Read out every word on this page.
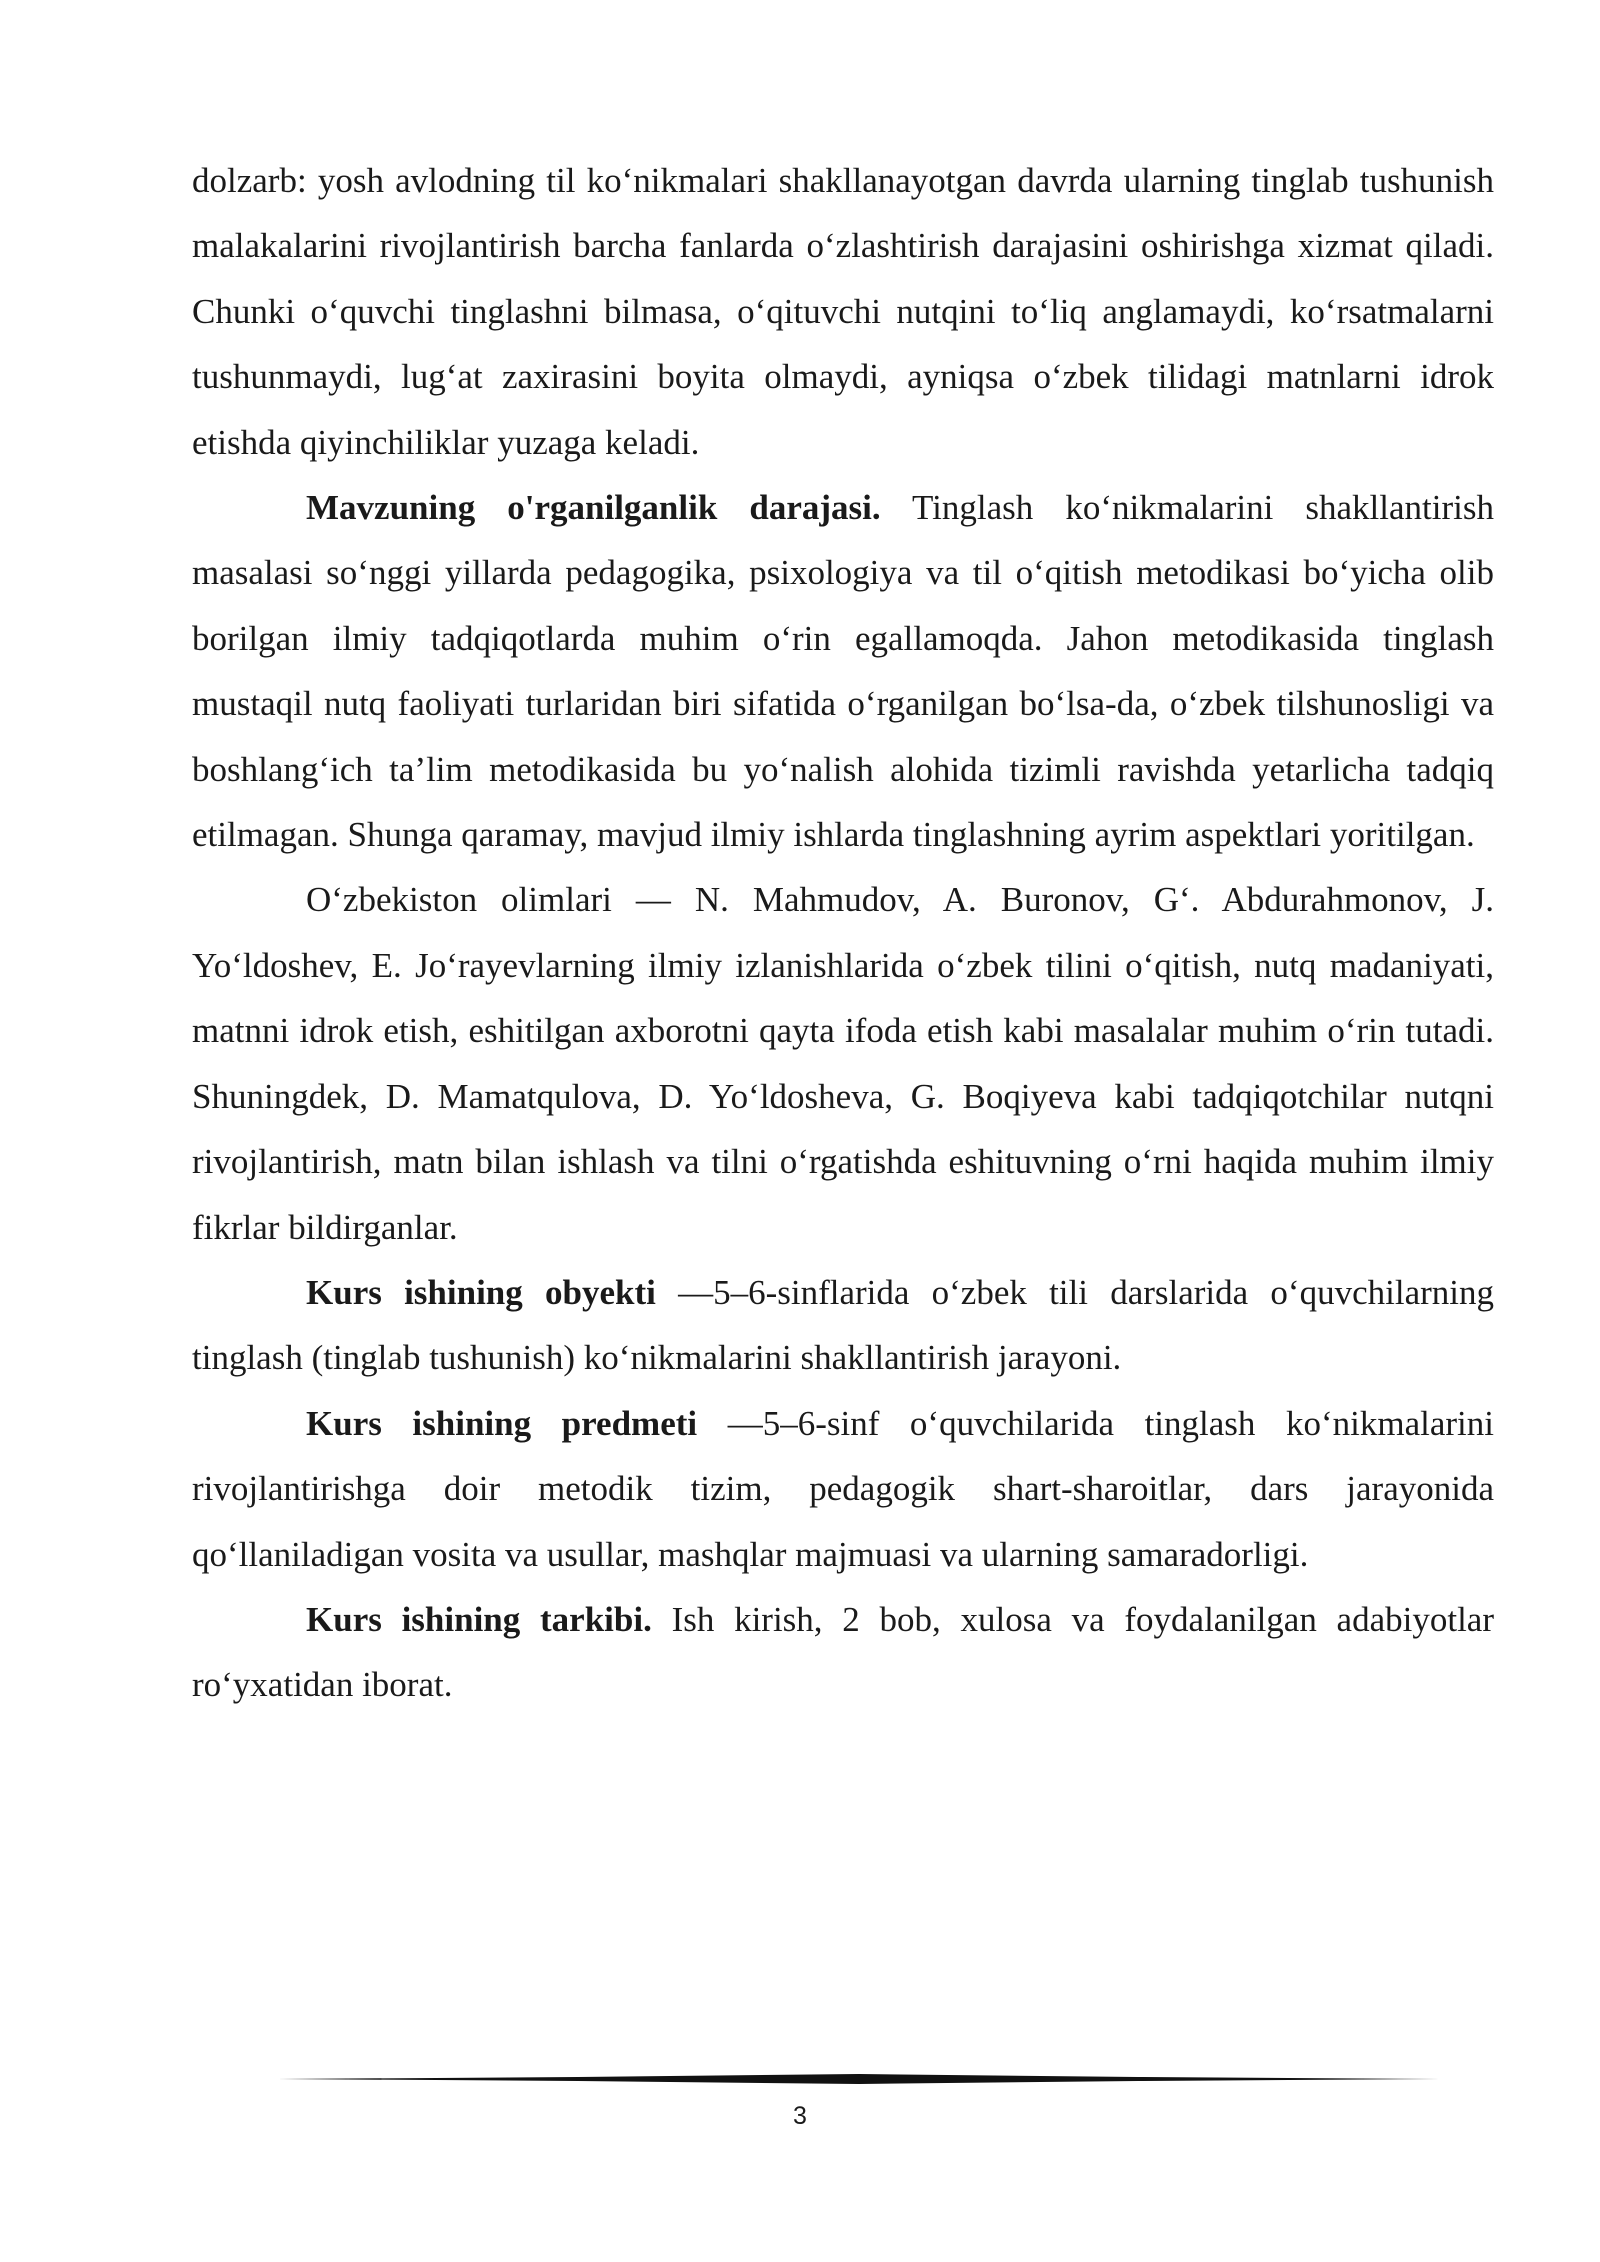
dolzarb: yosh avlodning til ko‘nikmalari shakllanayotgan davrda ularning tinglab tushunish malakalarini rivojlantirish barcha fanlarda o‘zlashtirish darajasini oshirishga xizmat qiladi. Chunki o‘quvchi tinglashni bilmasa, o‘qituvchi nutqini to‘liq anglamaydi, ko‘rsatmalarni tushunmaydi, lug‘at zaxirasini boyita olmaydi, ayniqsa o‘zbek tilidagi matnlarni idrok etishda qiyinchiliklar yuzaga keladi.

Mavzuning o'rganilganlik darajasi. Tinglash ko‘nikmalarini shakllantirish masalasi so‘nggi yillarda pedagogika, psixologiya va til o‘qitish metodikasi bo‘yicha olib borilgan ilmiy tadqiqotlarda muhim o‘rin egallamoqda. Jahon metodikasida tinglash mustaqil nutq faoliyati turlaridan biri sifatida o‘rganilgan bo‘lsa-da, o‘zbek tilshunosligi va boshlang‘ich ta’lim metodikasida bu yo‘nalish alohida tizimli ravishda yetarlicha tadqiq etilmagan. Shunga qaramay, mavjud ilmiy ishlarda tinglashning ayrim aspektlari yoritilgan.

O‘zbekiston olimlari — N. Mahmudov, A. Buronov, G‘. Abdurahmonov, J. Yo‘ldoshev, E. Jo‘rayevlarning ilmiy izlanishlarida o‘zbek tilini o‘qitish, nutq madaniyati, matnni idrok etish, eshitilgan axborotni qayta ifoda etish kabi masalalar muhim o‘rin tutadi. Shuningdek, D. Mamatqulova, D. Yo‘ldosheva, G. Boqiyeva kabi tadqiqotchilar nutqni rivojlantirish, matn bilan ishlash va tilni o‘rgatishda eshituvning o‘rni haqida muhim ilmiy fikrlar bildirganlar.

Kurs ishining obyekti —5–6-sinflarida o‘zbek tili darslarida o‘quvchilarning tinglash (tinglab tushunish) ko‘nikmalarini shakllantirish jarayoni.

Kurs ishining predmeti —5–6-sinf o‘quvchilarida tinglash ko‘nikmalarini rivojlantirishga doir metodik tizim, pedagogik shart-sharoitlar, dars jarayonida qo‘llaniladigan vosita va usullar, mashqlar majmuasi va ularning samaradorligi.

Kurs ishining tarkibi. Ish kirish, 2 bob, xulosa va foydalanilgan adabiyotlar ro‘yxatidan iborat.

3
